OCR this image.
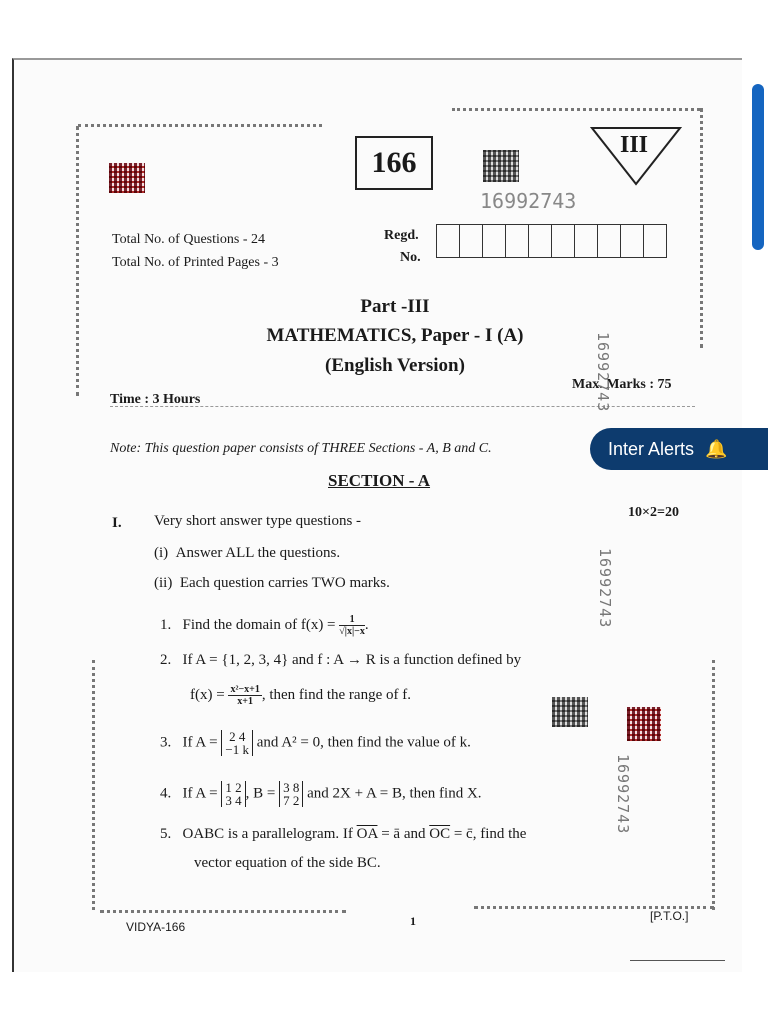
166
16992743
III
Total No. of Questions - 24
Total No. of Printed Pages - 3
Regd.
No.
Part -III
MATHEMATICS, Paper - I (A)
(English Version)
Time : 3 Hours
Max. Marks : 75
16992743
Note: This question paper consists of THREE Sections - A, B and C.	Inter Alerts 🔔
SECTION - A
I. Very short answer type questions -
10×2=20
(i) Answer ALL the questions.
(ii) Each question carries TWO marks.	16992743
1. Find the domain of $f(x) = \frac{1}{√|x|-x}$ .
2. If A = {1, 2, 3, 4} and f : A → R is a function defined by
$f(x) = \frac{\text{x²−x+1}}{x+1}$ , then find the range of f.
3. If A = 2 4
−1 k and A² = 0, then find the value of k.
16992743
4. If A = 1 2
3 4 , B = 3 8
7 2 and 2X + A = B, then find X.
5. OABC is a parallelogram. If $\overline{OA}$ = ā and $\overline{OC}$ = c̄, find the
vector equation of the side BC.
VIDYA-166	1	[P.T.O.]
